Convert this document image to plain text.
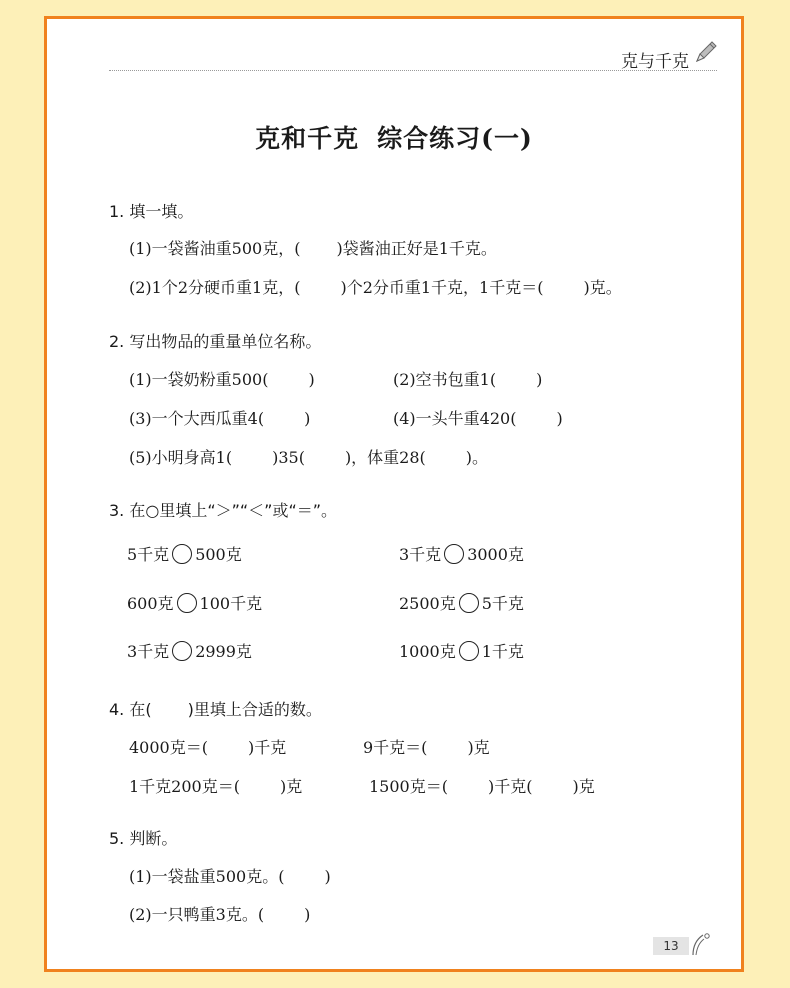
克与千克
克和千克 综合练习(一)
1. 填一填。
(1)一袋酱油重500克，( )袋酱油正好是1千克。
(2)1个2分硬币重1克，(	)个2分币重1千克，1千克＝(	)克。
2. 写出物品的重量单位名称。
(1)一袋奶粉重500(	)	(2)空书包重1(	)
(3)一个大西瓜重4(	)	(4)一头牛重420(	)
(5)小明身高1(	)35(	)，体重28(	)。
3. 在○里填上“＞”“＜”或“＝”。
5千克 500克	3千克 3000克
600克 100千克	2500克 5千克
3千克 2999克	1000克 1千克
4. 在( )里填上合适的数。
4000克＝(	)千克	9千克＝(	)克
1千克200克＝(	)克	1500克＝(	)千克(	)克
5. 判断。
(1)一袋盐重500克。(	)
(2)一只鸭重3克。(	)
13
